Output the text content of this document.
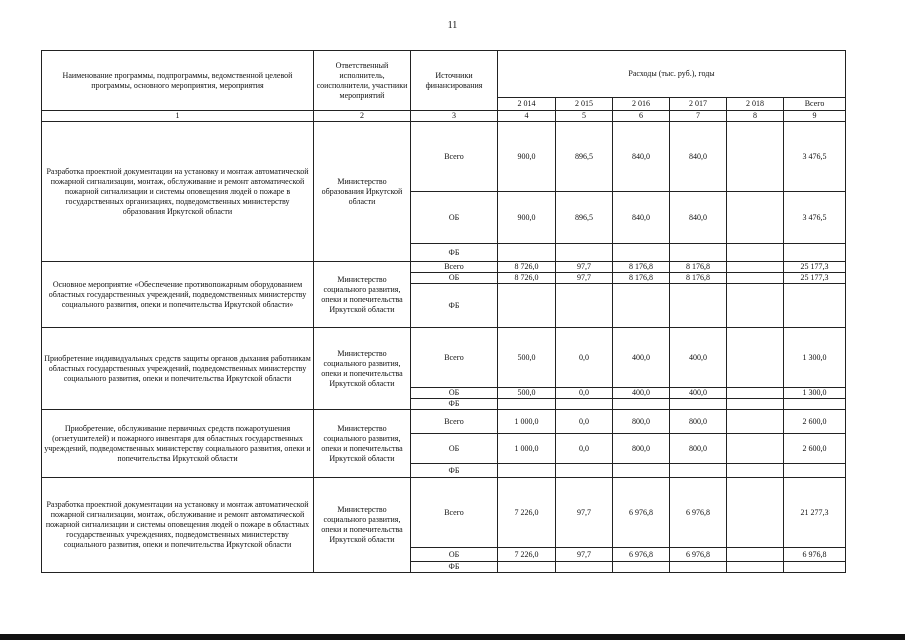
11
Наименование программы, подпрограммы, ведомственной целевой программы, основного мероприятия, мероприятия	Ответственный исполнитель, соисполнители, участники мероприятий	Источники финансирования	Расходы (тыс. руб.), годы					
			2 014	2 015	2 016	2 017	2 018	Всего
1	2	3	4	5	6	7	8	9
Разработка проектной документации на установку и монтаж автоматической пожарной сигнализации, монтаж, обслуживание и ремонт автоматической пожарной сигнализации и системы оповещения людей о пожаре в государственных организациях, подведомственных министерству образования Иркутской области	Министерство образования Иркутской области	Всего	900,0	896,5	840,0	840,0		3 476,5
		ОБ	900,0	896,5	840,0	840,0		3 476,5
		ФБ						
Основное мероприятие «Обеспечение противопожарным оборудованием областных государственных учреждений, подведомственных министерству социального развития, опеки и попечительства Иркутской области»	Министерство социального развития, опеки и попечительства Иркутской области	Всего	8 726,0	97,7	8 176,8	8 176,8		25 177,3
		ОБ	8 726,0	97,7	8 176,8	8 176,8		25 177,3
		ФБ						
Приобретение индивидуальных средств защиты органов дыхания работникам областных государственных учреждений, подведомственных министерству социального развития, опеки и попечительства Иркутской области	Министерство социального развития, опеки и попечительства Иркутской области	Всего	500,0	0,0	400,0	400,0		1 300,0
		ОБ	500,0	0,0	400,0	400,0		1 300,0
		ФБ						
Приобретение, обслуживание первичных средств пожаротушения (огнетушителей) и пожарного инвентаря для областных государственных учреждений, подведомственных министерству социального развития, опеки и попечительства Иркутской области	Министерство социального развития, опеки и попечительства Иркутской области	Всего	1 000,0	0,0	800,0	800,0		2 600,0
		ОБ	1 000,0	0,0	800,0	800,0		2 600,0
		ФБ						
Разработка проектной документации на установку и монтаж автоматической пожарной сигнализации, монтаж, обслуживание и ремонт автоматической пожарной сигнализации и системы оповещения людей о пожаре в областных государственных учреждениях, подведомственных министерству социального развития, опеки и попечительства Иркутской области	Министерство социального развития, опеки и попечительства Иркутской области	Всего	7 226,0	97,7	6 976,8	6 976,8		21 277,3
		ОБ	7 226,0	97,7	6 976,8	6 976,8		6 976,8
		ФБ						
